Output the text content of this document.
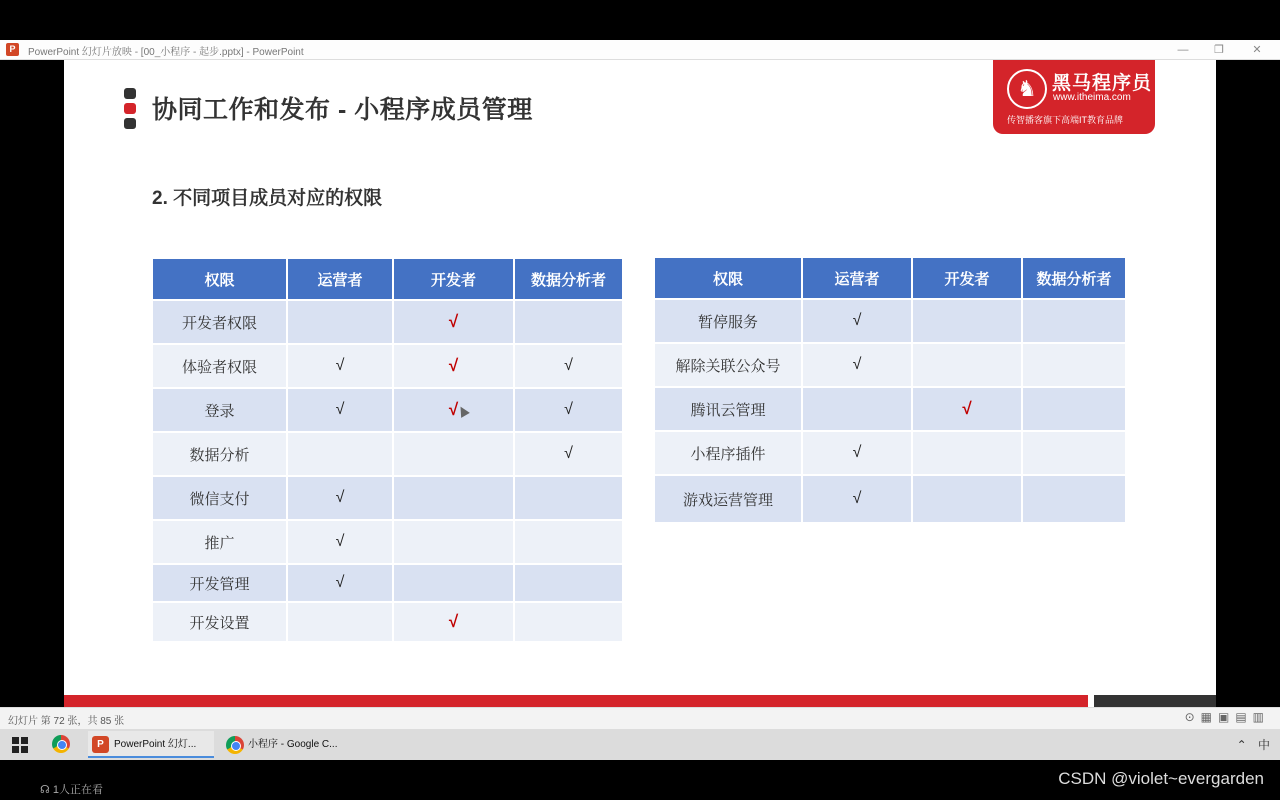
P	PowerPoint 幻灯片放映 - [00_小程序 - 起步.pptx] - PowerPoint	—	❐	✕
协同工作和发布 - 小程序成员管理
2. 不同项目成员对应的权限
♞ 黑马程序员
www.itheima.com
传智播客旗下高端IT教育品牌
权限	运营者	开发者	数据分析者
开发者权限		√	
体验者权限	√	√	√
登录	√	√	√
数据分析			√
微信支付	√		
推广	√		
开发管理	√		
开发设置		√	
权限	运营者	开发者	数据分析者
暂停服务	√		
解除关联公众号	√		
腾讯云管理		√	
小程序插件	√		
游戏运营管理	√		
幻灯片 第 72 张，共 85 张	⊙▦▣▤▥
P	PowerPoint 幻灯...	小程序 - Google C...	⌃ 中
☊ 1人正在看
CSDN @violet~evergarden
